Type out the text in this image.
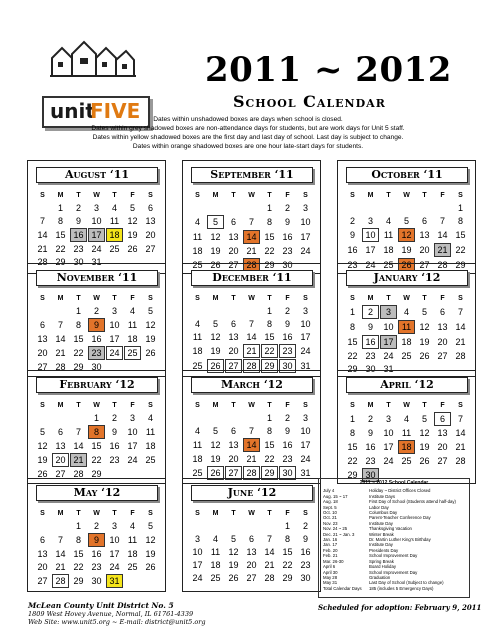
unit
FIVE
2011 ~ 2012
School Calendar
Dates within unshadowed boxes are days when school is closed.
Dates within grey shadowed boxes are non-attendance days for students, but are work days for Unit 5 staff.
Dates within yellow shadowed boxes are the first day and last day of school. Last day is subject to change.
Dates within orange shadowed boxes are one hour late-start days for students.
August ‘11
S	M	T	W	T	F	S
	1	2	3	4	5	6
7	8	9	10	11	12	13
14	15	16	17	18	19	20
21	22	23	24	25	26	27
28	29	30	31			
September ‘11
S	M	T	W	T	F	S
				1	2	3
4	5	6	7	8	9	10
11	12	13	14	15	16	17
18	19	20	21	22	23	24
25	26	27	28	29	30	
October ‘11
S	M	T	W	T	F	S
						1
2	3	4	5	6	7	8
9	10	11	12	13	14	15
16	17	18	19	20	21	22
23	24	25	26	27	28	29

November ‘11
S	M	T	W	T	F	S
		1	2	3	4	5
6	7	8	9	10	11	12
13	14	15	16	17	18	19
20	21	22	23	24	25	26
27	28	29	30			
December ‘11
S	M	T	W	T	F	S
				1	2	3
4	5	6	7	8	9	10
11	12	13	14	15	16	17
18	19	20	21	22	23	24
25	26	27	28	29	30	31
January ‘12
S	M	T	W	T	F	S
1	2	3	4	5	6	7
8	9	10	11	12	13	14
15	16	17	18	19	20	21
22	23	24	25	26	27	28
29	30	31				
February ‘12
S	M	T	W	T	F	S
			1	2	3	4
5	6	7	8	9	10	11
12	13	14	15	16	17	18
19	20	21	22	23	24	25
26	27	28	29			
March ‘12
S	M	T	W	T	F	S
				1	2	3
4	5	6	7	8	9	10
11	12	13	14	15	16	17
18	19	20	21	22	23	24
25	26	27	28	29	30	31
April ‘12
S	M	T	W	T	F	S
1	2	3	4	5	6	7
8	9	10	11	12	13	14
15	16	17	18	19	20	21
22	23	24	25	26	27	28
29	30					
May ‘12
S	M	T	W	T	F	S
		1	2	3	4	5
6	7	8	9	10	11	12
13	14	15	16	17	18	19
20	21	22	23	24	25	26
27	28	29	30	31		
June ‘12
S	M	T	W	T	F	S
					1	2
3	4	5	6	7	8	9
10	11	12	13	14	15	16
17	18	19	20	21	22	23
24	25	26	27	28	29	30
2011 ~ 2012 School Calendar
July 4	Holiday ~ District Offices Closed
Aug. 15 ~ 17	Institute Days
Aug. 18	First Day of School (Students attend half-day)
Sept. 5	Labor Day
Oct. 10	Columbus Day
Oct. 21	Parent-Teacher Conference Day
Nov. 23	Institute Day
Nov. 24 ~ 25	Thanksgiving Vacation
Dec. 21 ~ Jan. 3	Winter Break
Jan. 16	Dr. Martin Luther King's Birthday
Jan. 17	Institute Day
Feb. 20	Presidents Day
Feb. 21	School Improvement Day
Mar. 26-30	Spring Break
April 6	Board Holiday
April 30	School Improvement Day
May 28	Graduation
May 31	Last Day of School (Subject to change)
Total Calendar Days	185 (includes 5 Emergency Days)
McLean County Unit District No. 5
1809 West Hovey Avenue, Normal, IL 61761-4339
Web Site: www.unit5.org ~ E-mail: district@unit5.org
Scheduled for adoption: February 9, 2011
